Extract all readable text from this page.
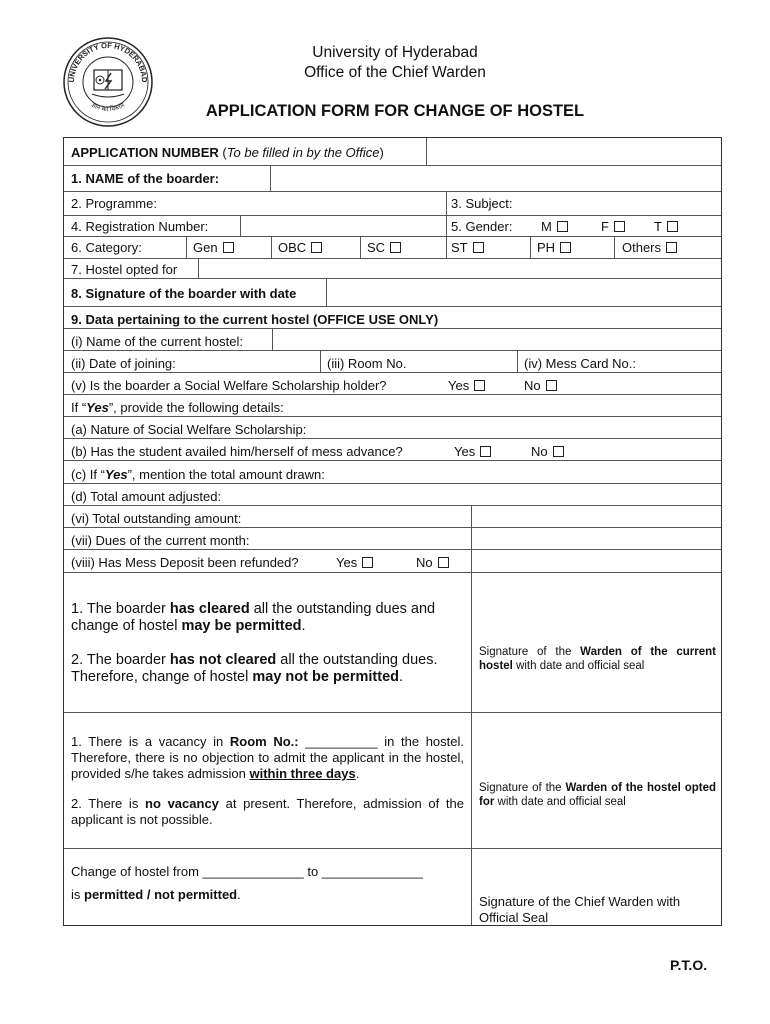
UNIVERSITY OF HYDERABAD
ज्ञान का विस्तार
University of Hyderabad
Office of the Chief Warden
APPLICATION FORM FOR CHANGE OF HOSTEL
APPLICATION NUMBER (To be filled in by the Office)
1. NAME of the boarder:
2. Programme:	3. Subject:
4. Registration Number:	5. Gender: M	F	T
6. Category:	Gen	OBC	SC	ST	PH	Others
7. Hostel opted for
8. Signature of the boarder with date
9. Data pertaining to the current hostel (OFFICE USE ONLY)
(i) Name of the current hostel:
(ii) Date of joining:	(iii) Room No.	(iv) Mess Card No.:
(v) Is the boarder a Social Welfare Scholarship holder?	Yes	No
If “Yes”, provide the following details:
(a) Nature of Social Welfare Scholarship:
(b) Has the student availed him/herself of mess advance?	Yes	No
(c) If “Yes”, mention the total amount drawn:
(d) Total amount adjusted:
(vi) Total outstanding amount:
(vii) Dues of the current month:
(viii) Has Mess Deposit been refunded?	Yes	No
1. The boarder has cleared all the outstanding dues and change of hostel may be permitted.
2. The boarder has not cleared all the outstanding dues. Therefore, change of hostel may not be permitted.
Signature of the Warden of the current hostel with date and official seal
1. There is a vacancy in Room No.: __________ in the hostel. Therefore, there is no objection to admit the applicant in the hostel, provided s/he takes admission within three days.
2. There is no vacancy at present. Therefore, admission of the applicant is not possible.
Signature of the Warden of the hostel opted for with date and official seal
Change of hostel from ______________ to ______________
is permitted / not permitted.	Signature of the Chief Warden with Official Seal
P.T.O.
